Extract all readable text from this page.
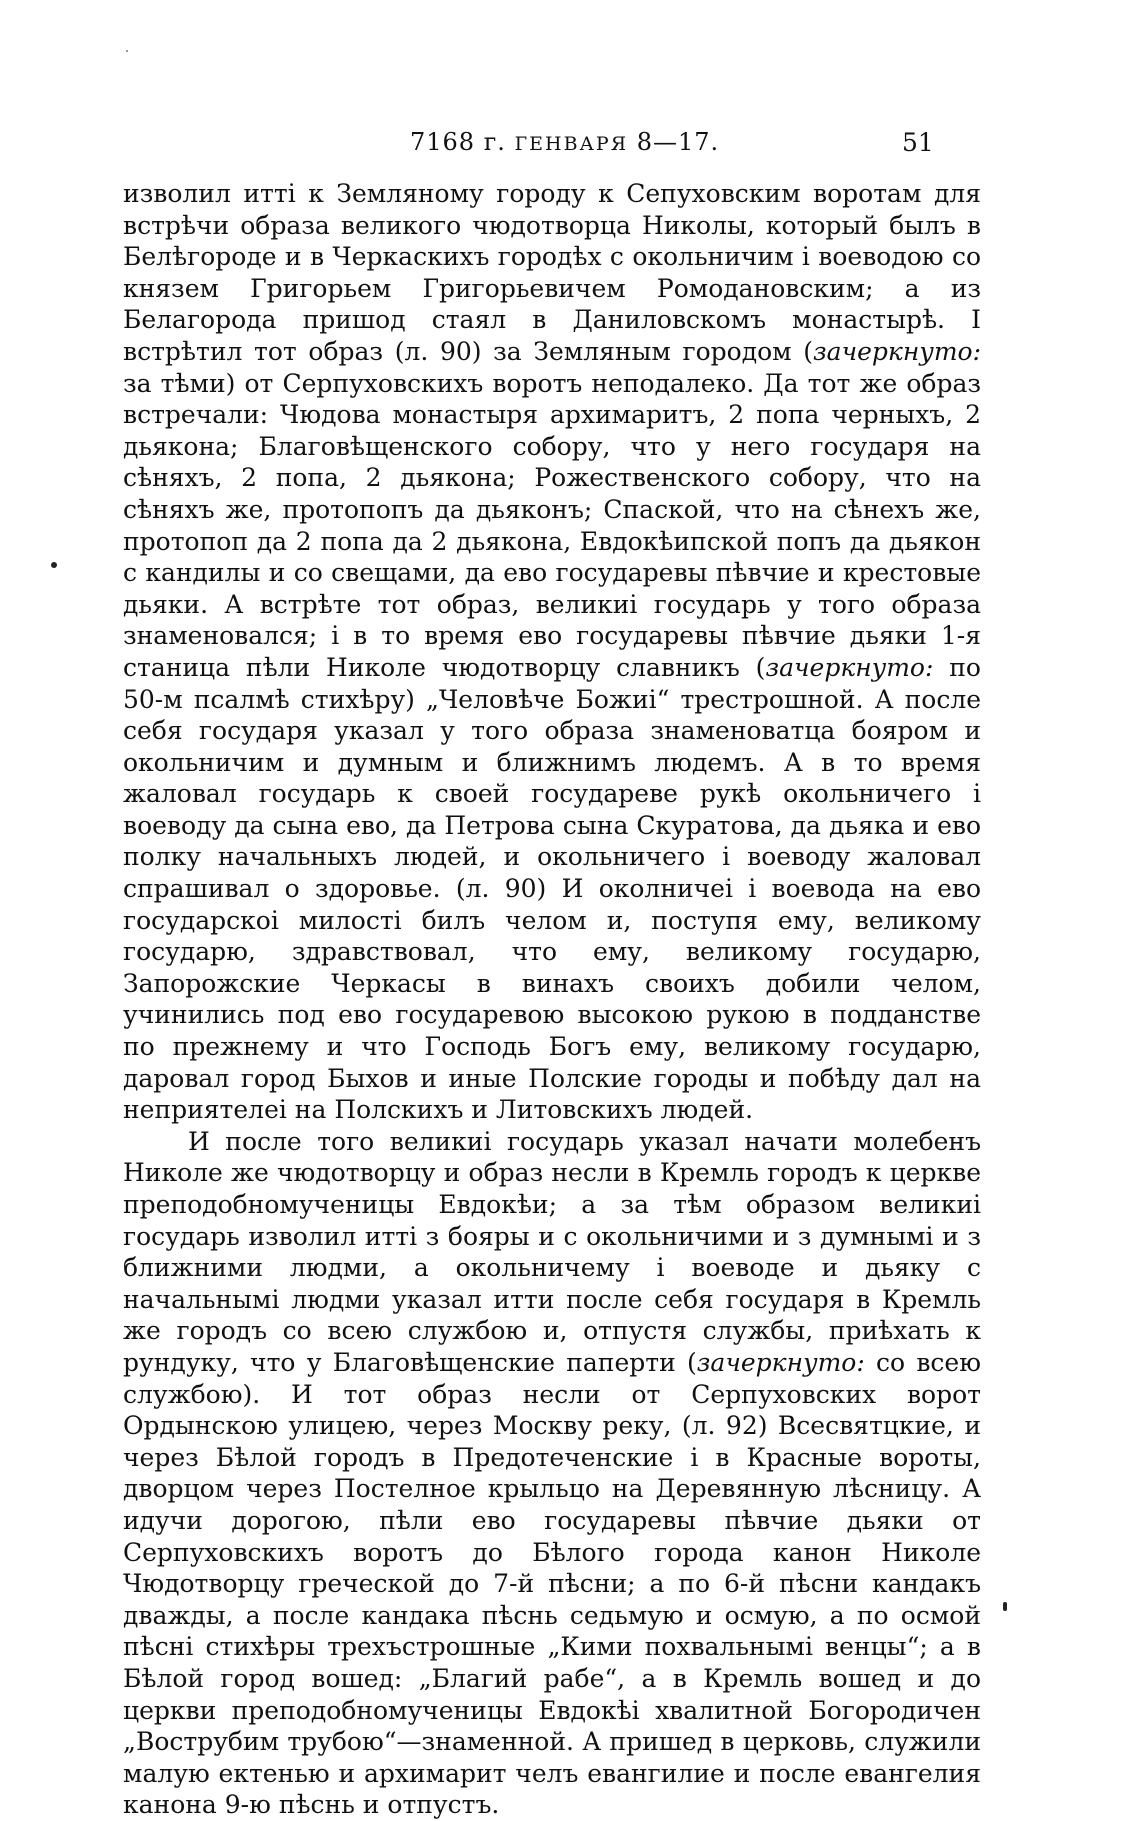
7168 г. ГЕНВАРЯ 8—17.	51

изволил итті к Земляному городу к Сепуховским воротам для встрѣчи образа великого чюдотворца Николы, который былъ в Белѣгороде и в Черкаскихъ городѣх с окольничим і воеводою со князем Григорьем Григорьевичем Ромодановским; а из Белагорода пришод стаял в Даниловскомъ монастырѣ. І встрѣтил тот образ (л. 90) за Земляным городом (зачеркнуто: за тѣми) от Серпуховскихъ воротъ неподалеко. Да тот же образ встречали: Чюдова монастыря архимаритъ, 2 попа черныхъ, 2 дьякона; Благовѣщенского собору, что у него государя на сѣняхъ, 2 попа, 2 дьякона; Рожественского собору, что на сѣняхъ же, протопопъ да дьяконъ; Спаской, что на сѣнехъ же, протопоп да 2 попа да 2 дьякона, Евдокѣипской попъ да дьякон с кандилы и со свещами, да ево государевы пѣвчие и крестовые дьяки. А встрѣте тот образ, великиі государь у того образа знаменовался; і в то время ево государевы пѣвчие дьяки 1-я станица пѣли Николе чюдотворцу славникъ (зачеркнуто: по 50-м псалмѣ стихѣру) „Человѣче Божиі“ трестрошной. А после себя государя указал у того образа знаменоватца бояром и окольничим и думным и ближнимъ людемъ. А в то время жаловал государь к своей государеве рукѣ окольничего і воеводу да сына ево, да Петрова сына Скуратова, да дьяка и ево полку начальныхъ людей, и окольничего і воеводу жаловал спрашивал о здоровье. (л. 90) И околничеі і воевода на ево государскоі милості билъ челом и, поступя ему, великому государю, здравствовал, что ему, великому государю, Запорожские Черкасы в винахъ своихъ добили челом, учинились под ево государевою высокою рукою в подданстве по прежнему и что Господь Богъ ему, великому государю, даровал город Быхов и иные Полские городы и побѣду дал на неприятелеі на Полскихъ и Литовскихъ людей.

И после того великиі государь указал начати молебенъ Николе же чюдотворцу и образ несли в Кремль городъ к церкве преподобномученицы Евдокѣи; а за тѣм образом великиі государь изволил итті з бояры и с окольничими и з думнымі и з ближними людми, а окольничему і воеводе и дьяку с начальнымі людми указал итти после себя государя в Кремль же городъ со всею службою и, отпустя службы, приѣхать к рундуку, что у Благовѣщенские паперти (зачеркнуто: со всею службою). И тот образ несли от Серпуховских ворот Ордынскою улицею, через Москву реку, (л. 92) Всесвятцкие, и через Бѣлой городъ в Предотеченские і в Красные вороты, дворцом через Постелное крыльцо на Деревянную лѣсницу. А идучи дорогою, пѣли ево государевы пѣвчие дьяки от Серпуховскихъ воротъ до Бѣлого города канон Николе Чюдотворцу греческой до 7-й пѣсни; а по 6-й пѣсни кандакъ дважды, а после кандака пѣснь седьмую и осмую, а по осмой пѣсні стихѣры трехъстрошные „Кими похвальнымі венцы“; а в Бѣлой город вошед: „Благий рабе“, а в Кремль вошед и до церкви преподобномученицы Евдокѣі хвалитной Богородичен „Вострубим трубою“—знаменной. А пришед в церковь, служили малую ектенью и архимарит челъ евангилие и после евангелия канона 9-ю пѣснь и отпустъ.
